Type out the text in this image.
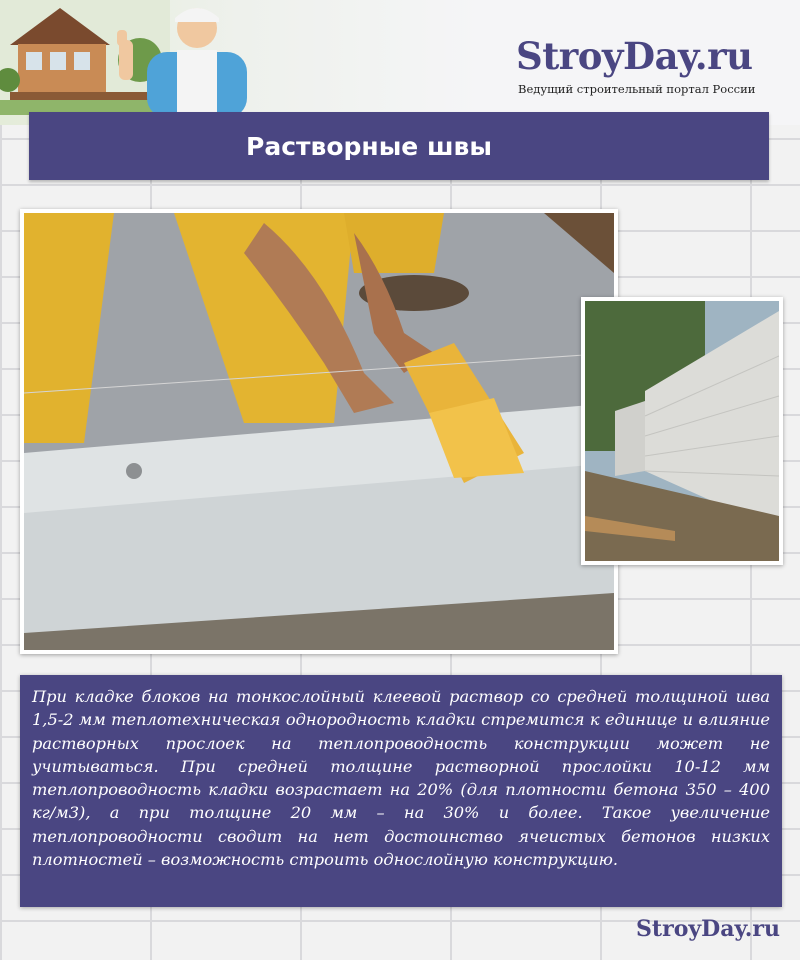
StroyDay.ru
Ведущий строительный портал России
Растворные швы

При кладке блоков на тонкослойный клеевой раствор со средней толщиной шва 1,5-2 мм теплотехническая однородность кладки стремится к единице и влияние растворных прослоек на теплопроводность конструкции может не учитываться. При средней толщине растворной прослойки 10-12 мм теплопроводность кладки возрастает на 20% (для плотности бетона 350 – 400 кг/м3), а при толщине 20 мм – на 30% и более. Такое увеличение теплопроводности сводит на нет достоинство ячеистых бетонов низких плотностей – возможность строить однослойную конструкцию.

StroyDay.ru
